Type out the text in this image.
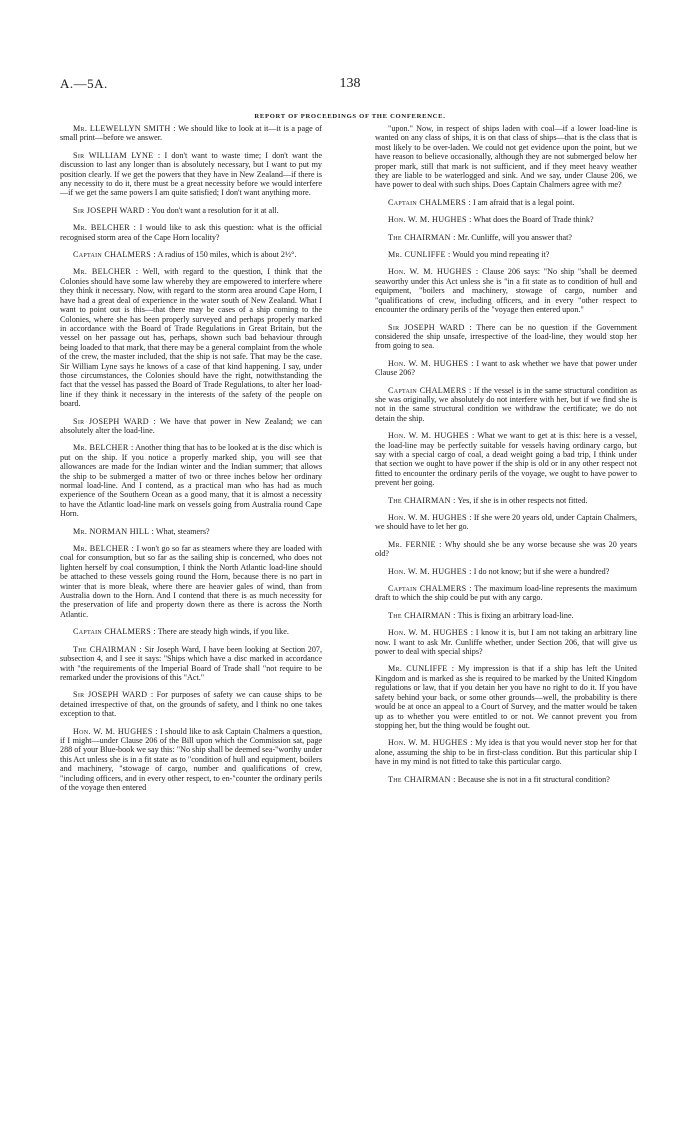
A.—5A.	138
REPORT OF PROCEEDINGS OF THE CONFERENCE.

Mr. LLEWELLYN SMITH : We should like to look at it—it is a page of small print—before we answer.

Sir WILLIAM LYNE : I don't want to waste time; I don't want the discussion to last any longer than is absolutely necessary, but I want to put my position clearly. If we get the powers that they have in New Zealand—if there is any necessity to do it, there must be a great necessity before we would interfere—if we get the same powers I am quite satisfied; I don't want anything more.

Sir JOSEPH WARD : You don't want a resolution for it at all.

Mr. BELCHER : I would like to ask this question: what is the official recognised storm area of the Cape Horn locality?

Captain CHALMERS : A radius of 150 miles, which is about 2½°.

Mr. BELCHER : Well, with regard to the question, I think that the Colonies should have some law whereby they are empowered to interfere where they think it necessary. Now, with regard to the storm area around Cape Horn, I have had a great deal of experience in the water south of New Zealand. What I want to point out is this—that there may be cases of a ship coming to the Colonies, where she has been properly surveyed and perhaps properly marked in accordance with the Board of Trade Regulations in Great Britain, but the vessel on her passage out has, perhaps, shown such bad behaviour through being loaded to that mark, that there may be a general complaint from the whole of the crew, the master included, that the ship is not safe. That may be the case. Sir William Lyne says he knows of a case of that kind happening. I say, under those circumstances, the Colonies should have the right, notwithstanding the fact that the vessel has passed the Board of Trade Regulations, to alter her load-line if they think it necessary in the interests of the safety of the people on board.

Sir JOSEPH WARD : We have that power in New Zealand; we can absolutely alter the load-line.

Mr. BELCHER : Another thing that has to be looked at is the disc which is put on the ship. If you notice a properly marked ship, you will see that allowances are made for the Indian winter and the Indian summer; that allows the ship to be submerged a matter of two or three inches below her ordinary normal load-line. And I contend, as a practical man who has had as much experience of the Southern Ocean as a good many, that it is almost a necessity to have the Atlantic load-line mark on vessels going from Australia round Cape Horn.

Mr. NORMAN HILL : What, steamers?

Mr. BELCHER : I won't go so far as steamers where they are loaded with coal for consumption, but so far as the sailing ship is concerned, who does not lighten herself by coal consumption, I think the North Atlantic load-line should be attached to these vessels going round the Horn, because there is no part in winter that is more bleak, where there are heavier gales of wind, than from Australia down to the Horn. And I contend that there is as much necessity for the preservation of life and property down there as there is across the North Atlantic.

Captain CHALMERS : There are steady high winds, if you like.

The CHAIRMAN : Sir Joseph Ward, I have been looking at Section 207, subsection 4, and I see it says: "Ships which have a disc marked in accordance with "the requirements of the Imperial Board of Trade shall "not require to be remarked under the provisions of this "Act."

Sir JOSEPH WARD : For purposes of safety we can cause ships to be detained irrespective of that, on the grounds of safety, and I think no one takes exception to that.

Hon. W. M. HUGHES : I should like to ask Captain Chalmers a question, if I might—under Clause 206 of the Bill upon which the Commission sat, page 288 of your Blue-book we say this: "No ship shall be deemed sea-"worthy under this Act unless she is in a fit state as to "condition of hull and equipment, boilers and machinery, "stowage of cargo, number and qualifications of crew, "including officers, and in every other respect, to en-"counter the ordinary perils of the voyage then entered

"upon." Now, in respect of ships laden with coal—if a lower load-line is wanted on any class of ships, it is on that class of ships—that is the class that is most likely to be over-laden. We could not get evidence upon the point, but we have reason to believe occasionally, although they are not submerged below her proper mark, still that mark is not sufficient, and if they meet heavy weather they are liable to be waterlogged and sink. And we say, under Clause 206, we have power to deal with such ships. Does Captain Chalmers agree with me?

Captain CHALMERS : I am afraid that is a legal point.

Hon. W. M. HUGHES : What does the Board of Trade think?

The CHAIRMAN : Mr. Cunliffe, will you answer that?

Mr. CUNLIFFE : Would you mind repeating it?

Hon. W. M. HUGHES : Clause 206 says: "No ship "shall be deemed seaworthy under this Act unless she is "in a fit state as to condition of hull and equipment, "boilers and machinery, stowage of cargo, number and "qualifications of crew, including officers, and in every "other respect to encounter the ordinary perils of the "voyage then entered upon."

Sir JOSEPH WARD : There can be no question if the Government considered the ship unsafe, irrespective of the load-line, they would stop her from going to sea.

Hon. W. M. HUGHES : I want to ask whether we have that power under Clause 206?

Captain CHALMERS : If the vessel is in the same structural condition as she was originally, we absolutely do not interfere with her, but if we find she is not in the same structural condition we withdraw the certificate; we do not detain the ship.

Hon. W. M. HUGHES : What we want to get at is this: here is a vessel, the load-line may be perfectly suitable for vessels having ordinary cargo, but say with a special cargo of coal, a dead weight going a bad trip, I think under that section we ought to have power if the ship is old or in any other respect not fitted to encounter the ordinary perils of the voyage, we ought to have power to prevent her going.

The CHAIRMAN : Yes, if she is in other respects not fitted.

Hon. W. M. HUGHES : If she were 20 years old, under Captain Chalmers, we should have to let her go.

Mr. FERNIE : Why should she be any worse because she was 20 years old?

Hon. W. M. HUGHES : I do not know; but if she were a hundred?

Captain CHALMERS : The maximum load-line represents the maximum draft to which the ship could be put with any cargo.

The CHAIRMAN : This is fixing an arbitrary load-line.

Hon. W. M. HUGHES : I know it is, but I am not taking an arbitrary line now. I want to ask Mr. Cunliffe whether, under Section 206, that will give us power to deal with special ships?

Mr. CUNLIFFE : My impression is that if a ship has left the United Kingdom and is marked as she is required to be marked by the United Kingdom regulations or law, that if you detain her you have no right to do it. If you have safety behind your back, or some other grounds—well, the probability is there would be at once an appeal to a Court of Survey, and the matter would be taken up as to whether you were entitled to or not. We cannot prevent you from stopping her, but the thing would be fought out.

Hon. W. M. HUGHES : My idea is that you would never stop her for that alone, assuming the ship to be in first-class condition. But this particular ship I have in my mind is not fitted to take this particular cargo.

The CHAIRMAN : Because she is not in a fit structural condition?
